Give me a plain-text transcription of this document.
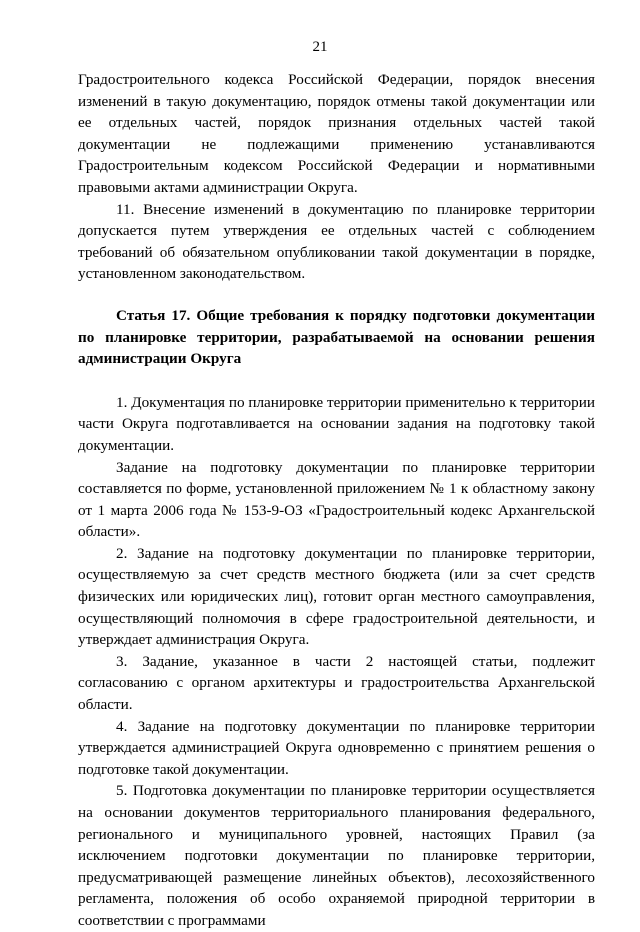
21

Градостроительного кодекса Российской Федерации, порядок внесения изменений в такую документацию, порядок отмены такой документации или ее отдельных частей, порядок признания отдельных частей такой документации не подлежащими применению устанавливаются Градостроительным кодексом Российской Федерации и нормативными правовыми актами администрации Округа.

11. Внесение изменений в документацию по планировке территории допускается путем утверждения ее отдельных частей с соблюдением требований об обязательном опубликовании такой документации в порядке, установленном законодательством.

Статья 17. Общие требования к порядку подготовки документации по планировке территории, разрабатываемой на основании решения администрации Округа

1. Документация по планировке территории применительно к территории части Округа подготавливается на основании задания на подготовку такой документации.

Задание на подготовку документации по планировке территории составляется по форме, установленной приложением № 1 к областному закону от 1 марта 2006 года № 153-9-ОЗ «Градостроительный кодекс Архангельской области».

2. Задание на подготовку документации по планировке территории, осуществляемую за счет средств местного бюджета (или за счет средств физических или юридических лиц), готовит орган местного самоуправления, осуществляющий полномочия в сфере градостроительной деятельности, и утверждает администрация Округа.

3. Задание, указанное в части 2 настоящей статьи, подлежит согласованию с органом архитектуры и градостроительства Архангельской области.

4. Задание на подготовку документации по планировке территории утверждается администрацией Округа одновременно с принятием решения о подготовке такой документации.

5. Подготовка документации по планировке территории осуществляется на основании документов территориального планирования федерального, регионального и муниципального уровней, настоящих Правил (за исключением подготовки документации по планировке территории, предусматривающей размещение линейных объектов), лесохозяйственного регламента, положения об особо охраняемой природной территории в соответствии с программами
